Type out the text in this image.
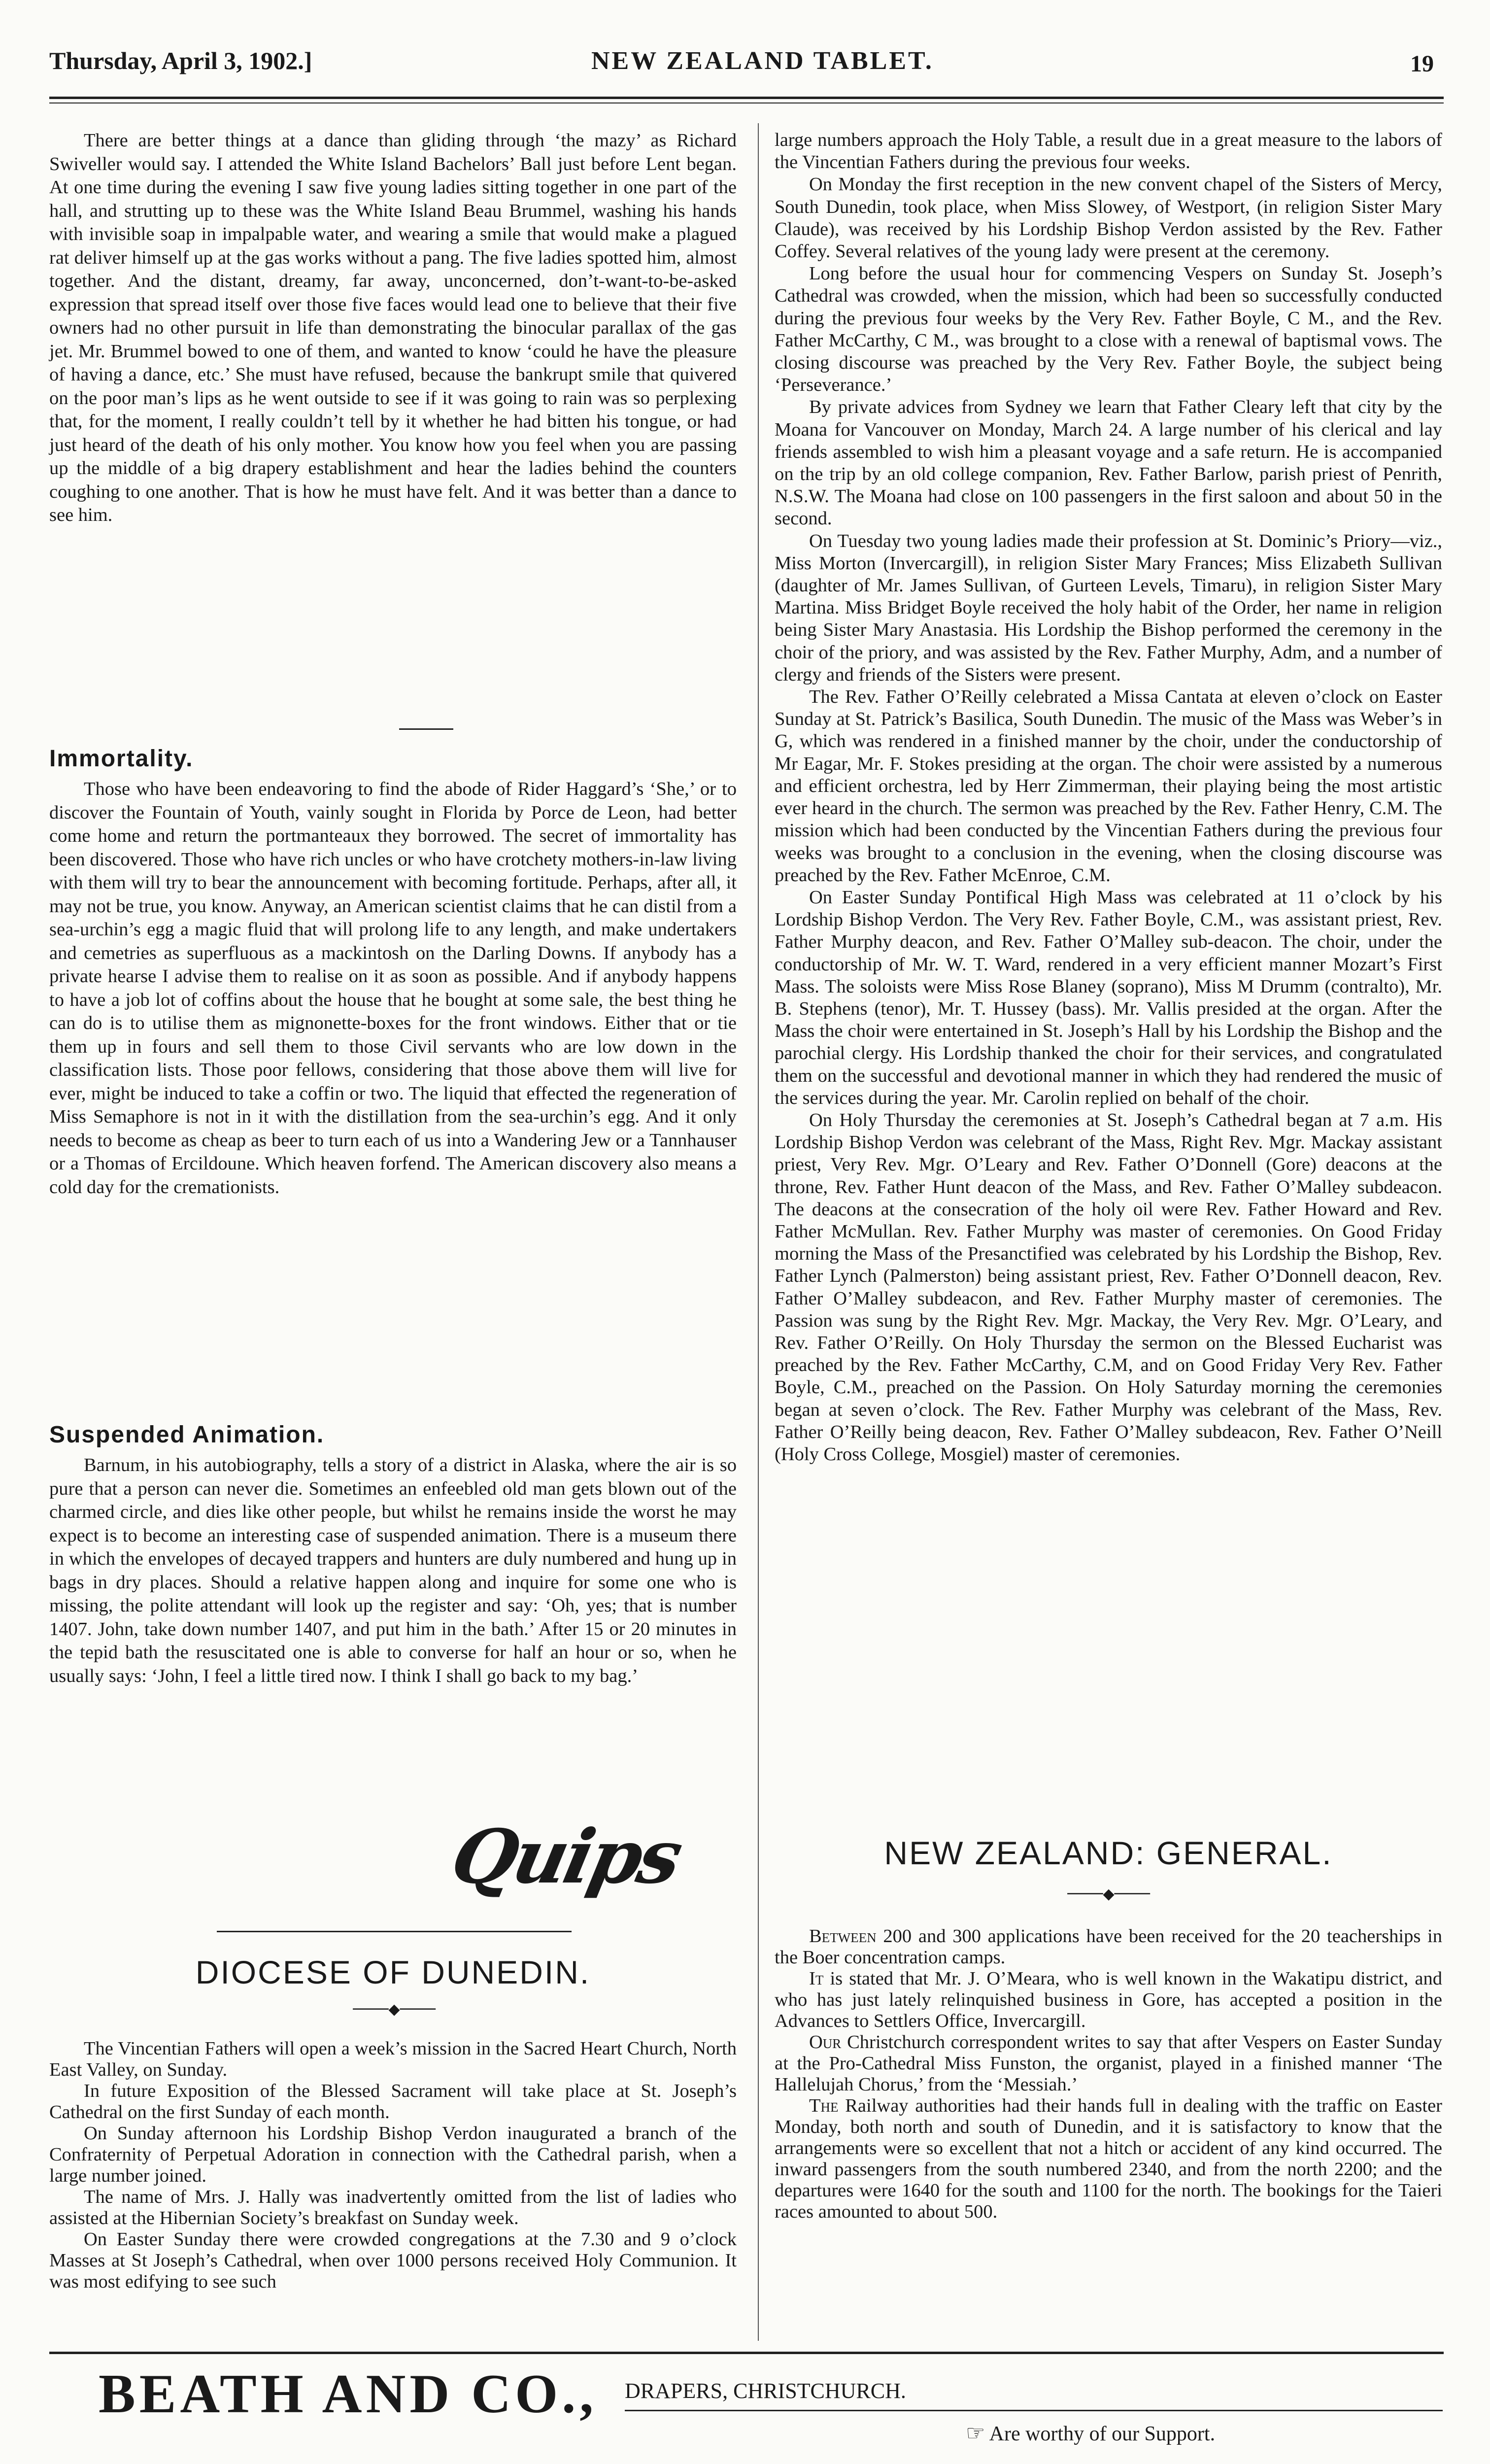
Thursday, April 3, 1902.]	NEW ZEALAND TABLET.	19

There are better things at a dance than gliding through ‘the mazy’ as Richard Swiveller would say. I attended the White Island Bachelors’ Ball just before Lent began. At one time during the evening I saw five young ladies sitting together in one part of the hall, and strutting up to these was the White Island Beau Brummel, washing his hands with invisible soap in impalpable water, and wearing a smile that would make a plagued rat deliver himself up at the gas works without a pang. The five ladies spotted him, almost together. And the distant, dreamy, far away, unconcerned, don’t-want-to-be-asked expression that spread itself over those five faces would lead one to believe that their five owners had no other pursuit in life than demonstrating the binocular parallax of the gas jet. Mr. Brummel bowed to one of them, and wanted to know ‘could he have the pleasure of having a dance, etc.’ She must have refused, because the bankrupt smile that quivered on the poor man’s lips as he went outside to see if it was going to rain was so perplexing that, for the moment, I really couldn’t tell by it whether he had bitten his tongue, or had just heard of the death of his only mother. You know how you feel when you are passing up the middle of a big drapery establishment and hear the ladies behind the counters coughing to one another. That is how he must have felt. And it was better than a dance to see him.

Immortality.

Those who have been endeavoring to find the abode of Rider Haggard’s ‘She,’ or to discover the Fountain of Youth, vainly sought in Florida by Porce de Leon, had better come home and return the portmanteaux they borrowed. The secret of immortality has been discovered. Those who have rich uncles or who have crotchety mothers-in-law living with them will try to bear the announcement with becoming fortitude. Perhaps, after all, it may not be true, you know. Anyway, an American scientist claims that he can distil from a sea-urchin’s egg a magic fluid that will prolong life to any length, and make undertakers and cemetries as superfluous as a mackintosh on the Darling Downs. If anybody has a private hearse I advise them to realise on it as soon as possible. And if anybody happens to have a job lot of coffins about the house that he bought at some sale, the best thing he can do is to utilise them as mignonette-boxes for the front windows. Either that or tie them up in fours and sell them to those Civil servants who are low down in the classification lists. Those poor fellows, considering that those above them will live for ever, might be induced to take a coffin or two. The liquid that effected the regeneration of Miss Semaphore is not in it with the distillation from the sea-urchin’s egg. And it only needs to become as cheap as beer to turn each of us into a Wandering Jew or a Tannhauser or a Thomas of Ercildoune. Which heaven forfend. The American discovery also means a cold day for the cremationists.

Suspended Animation.

Barnum, in his autobiography, tells a story of a district in Alaska, where the air is so pure that a person can never die. Sometimes an enfeebled old man gets blown out of the charmed circle, and dies like other people, but whilst he remains inside the worst he may expect is to become an interesting case of suspended animation. There is a museum there in which the envelopes of decayed trappers and hunters are duly numbered and hung up in bags in dry places. Should a relative happen along and inquire for some one who is missing, the polite attendant will look up the register and say: ‘Oh, yes; that is number 1407. John, take down number 1407, and put him in the bath.’ After 15 or 20 minutes in the tepid bath the resuscitated one is able to converse for half an hour or so, when he usually says: ‘John, I feel a little tired now. I think I shall go back to my bag.’

Quips
DIOCESE OF DUNEDIN.
────◆────

The Vincentian Fathers will open a week’s mission in the Sacred Heart Church, North East Valley, on Sunday.

In future Exposition of the Blessed Sacrament will take place at St. Joseph’s Cathedral on the first Sunday of each month.

On Sunday afternoon his Lordship Bishop Verdon inaugurated a branch of the Confraternity of Perpetual Adoration in connection with the Cathedral parish, when a large number joined.

The name of Mrs. J. Hally was inadvertently omitted from the list of ladies who assisted at the Hibernian Society’s breakfast on Sunday week.

On Easter Sunday there were crowded congregations at the 7.30 and 9 o’clock Masses at St Joseph’s Cathedral, when over 1000 persons received Holy Communion. It was most edifying to see such

large numbers approach the Holy Table, a result due in a great measure to the labors of the Vincentian Fathers during the previous four weeks.

On Monday the first reception in the new convent chapel of the Sisters of Mercy, South Dunedin, took place, when Miss Slowey, of Westport, (in religion Sister Mary Claude), was received by his Lordship Bishop Verdon assisted by the Rev. Father Coffey. Several relatives of the young lady were present at the ceremony.

Long before the usual hour for commencing Vespers on Sunday St. Joseph’s Cathedral was crowded, when the mission, which had been so successfully conducted during the previous four weeks by the Very Rev. Father Boyle, C M., and the Rev. Father McCarthy, C M., was brought to a close with a renewal of baptismal vows. The closing discourse was preached by the Very Rev. Father Boyle, the subject being ‘Perseverance.’

By private advices from Sydney we learn that Father Cleary left that city by the Moana for Vancouver on Monday, March 24. A large number of his clerical and lay friends assembled to wish him a pleasant voyage and a safe return. He is accompanied on the trip by an old college companion, Rev. Father Barlow, parish priest of Penrith, N.S.W. The Moana had close on 100 passengers in the first saloon and about 50 in the second.

On Tuesday two young ladies made their profession at St. Dominic’s Priory—viz., Miss Morton (Invercargill), in religion Sister Mary Frances; Miss Elizabeth Sullivan (daughter of Mr. James Sullivan, of Gurteen Levels, Timaru), in religion Sister Mary Martina. Miss Bridget Boyle received the holy habit of the Order, her name in religion being Sister Mary Anastasia. His Lordship the Bishop performed the ceremony in the choir of the priory, and was assisted by the Rev. Father Murphy, Adm, and a number of clergy and friends of the Sisters were present.

The Rev. Father O’Reilly celebrated a Missa Cantata at eleven o’clock on Easter Sunday at St. Patrick’s Basilica, South Dunedin. The music of the Mass was Weber’s in G, which was rendered in a finished manner by the choir, under the conductorship of Mr Eagar, Mr. F. Stokes presiding at the organ. The choir were assisted by a numerous and efficient orchestra, led by Herr Zimmerman, their playing being the most artistic ever heard in the church. The sermon was preached by the Rev. Father Henry, C.M. The mission which had been conducted by the Vincentian Fathers during the previous four weeks was brought to a conclusion in the evening, when the closing discourse was preached by the Rev. Father McEnroe, C.M.

On Easter Sunday Pontifical High Mass was celebrated at 11 o’clock by his Lordship Bishop Verdon. The Very Rev. Father Boyle, C.M., was assistant priest, Rev. Father Murphy deacon, and Rev. Father O’Malley sub-deacon. The choir, under the conductorship of Mr. W. T. Ward, rendered in a very efficient manner Mozart’s First Mass. The soloists were Miss Rose Blaney (soprano), Miss M Drumm (contralto), Mr. B. Stephens (tenor), Mr. T. Hussey (bass). Mr. Vallis presided at the organ. After the Mass the choir were entertained in St. Joseph’s Hall by his Lordship the Bishop and the parochial clergy. His Lordship thanked the choir for their services, and congratulated them on the successful and devotional manner in which they had rendered the music of the services during the year. Mr. Carolin replied on behalf of the choir.

On Holy Thursday the ceremonies at St. Joseph’s Cathedral began at 7 a.m. His Lordship Bishop Verdon was celebrant of the Mass, Right Rev. Mgr. Mackay assistant priest, Very Rev. Mgr. O’Leary and Rev. Father O’Donnell (Gore) deacons at the throne, Rev. Father Hunt deacon of the Mass, and Rev. Father O’Malley subdeacon. The deacons at the consecration of the holy oil were Rev. Father Howard and Rev. Father McMullan. Rev. Father Murphy was master of ceremonies. On Good Friday morning the Mass of the Presanctified was celebrated by his Lordship the Bishop, Rev. Father Lynch (Palmerston) being assistant priest, Rev. Father O’Donnell deacon, Rev. Father O’Malley subdeacon, and Rev. Father Murphy master of ceremonies. The Passion was sung by the Right Rev. Mgr. Mackay, the Very Rev. Mgr. O’Leary, and Rev. Father O’Reilly. On Holy Thursday the sermon on the Blessed Eucharist was preached by the Rev. Father McCarthy, C.M, and on Good Friday Very Rev. Father Boyle, C.M., preached on the Passion. On Holy Saturday morning the ceremonies began at seven o’clock. The Rev. Father Murphy was celebrant of the Mass, Rev. Father O’Reilly being deacon, Rev. Father O’Malley subdeacon, Rev. Father O’Neill (Holy Cross College, Mosgiel) master of ceremonies.

NEW ZEALAND: GENERAL.
────◆────

Between 200 and 300 applications have been received for the 20 teacherships in the Boer concentration camps.

It is stated that Mr. J. O’Meara, who is well known in the Wakatipu district, and who has just lately relinquished business in Gore, has accepted a position in the Advances to Settlers Office, Invercargill.

Our Christchurch correspondent writes to say that after Vespers on Easter Sunday at the Pro-Cathedral Miss Funston, the organist, played in a finished manner ‘The Hallelujah Chorus,’ from the ‘Messiah.’

The Railway authorities had their hands full in dealing with the traffic on Easter Monday, both north and south of Dunedin, and it is satisfactory to know that the arrangements were so excellent that not a hitch or accident of any kind occurred. The inward passengers from the south numbered 2340, and from the north 2200; and the departures were 1640 for the south and 1100 for the north. The bookings for the Taieri races amounted to about 500.

BEATH AND CO., DRAPERS, CHRISTCHURCH.
☞ Are worthy of our Support.
